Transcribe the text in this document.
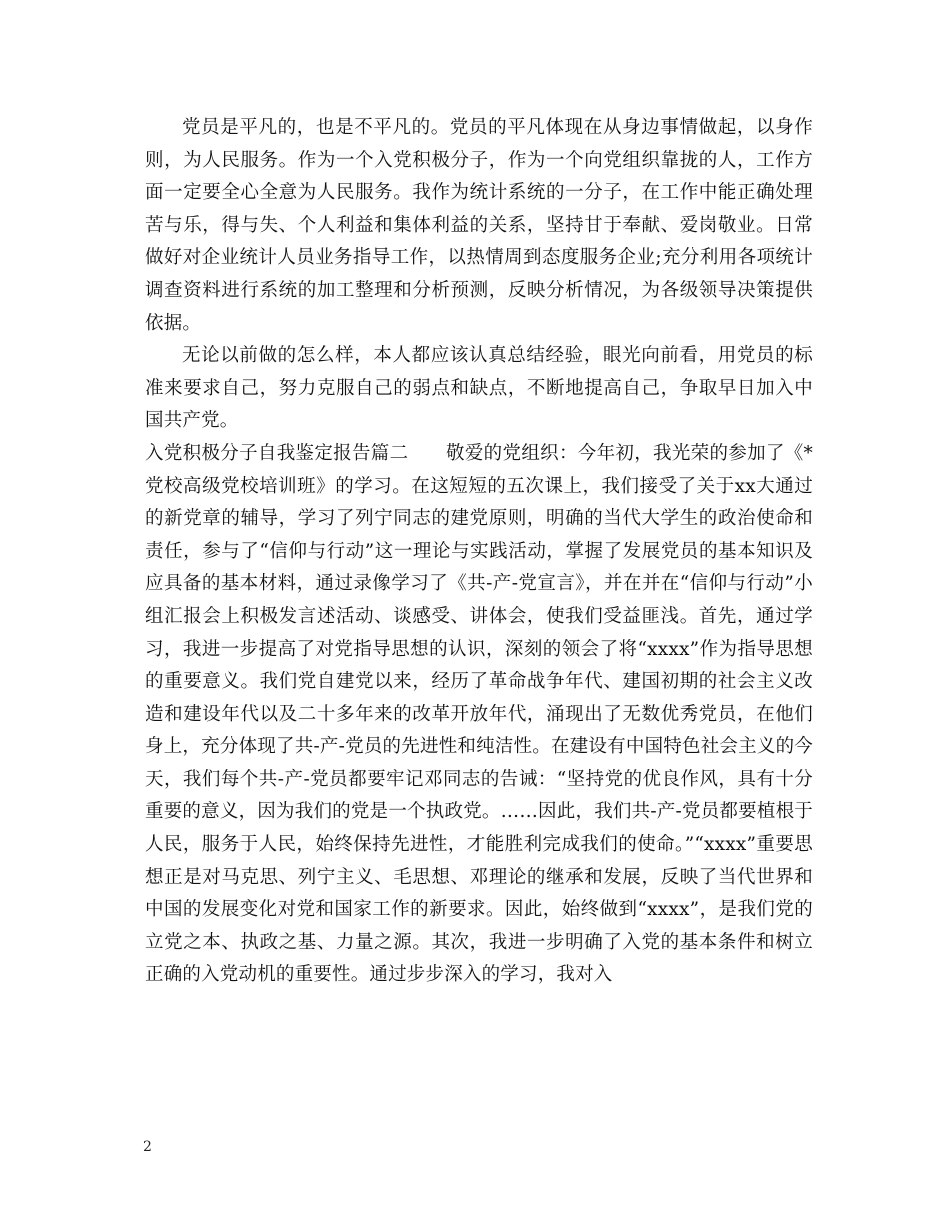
党员是平凡的，也是不平凡的。党员的平凡体现在从身边事情做起，以身作则，为人民服务。作为一个入党积极分子，作为一个向党组织靠拢的人，工作方面一定要全心全意为人民服务。我作为统计系统的一分子，在工作中能正确处理苦与乐，得与失、个人利益和集体利益的关系，坚持甘于奉献、爱岗敬业。日常做好对企业统计人员业务指导工作，以热情周到态度服务企业;充分利用各项统计调查资料进行系统的加工整理和分析预测，反映分析情况，为各级领导决策提供依据。

无论以前做的怎么样，本人都应该认真总结经验，眼光向前看，用党员的标准来要求自己，努力克服自己的弱点和缺点，不断地提高自己，争取早日加入中国共产党。

入党积极分子自我鉴定报告篇二　　敬爱的党组织：今年初，我光荣的参加了《*党校高级党校培训班》的学习。在这短短的五次课上，我们接受了关于xx大通过的新党章的辅导，学习了列宁同志的建党原则，明确的当代大学生的政治使命和责任，参与了“信仰与行动”这一理论与实践活动，掌握了发展党员的基本知识及应具备的基本材料，通过录像学习了《共-产-党宣言》，并在并在“信仰与行动”小组汇报会上积极发言述活动、谈感受、讲体会，使我们受益匪浅。首先，通过学习，我进一步提高了对党指导思想的认识，深刻的领会了将“xxxx”作为指导思想的重要意义。我们党自建党以来，经历了革命战争年代、建国初期的社会主义改造和建设年代以及二十多年来的改革开放年代，涌现出了无数优秀党员，在他们身上，充分体现了共-产-党员的先进性和纯洁性。在建设有中国特色社会主义的今天，我们每个共-产-党员都要牢记邓同志的告诫：“坚持党的优良作风，具有十分重要的意义，因为我们的党是一个执政党。……因此，我们共-产-党员都要植根于人民，服务于人民，始终保持先进性，才能胜利完成我们的使命。”“xxxx”重要思想正是对马克思、列宁主义、毛思想、邓理论的继承和发展，反映了当代世界和中国的发展变化对党和国家工作的新要求。因此，始终做到“xxxx”，是我们党的立党之本、执政之基、力量之源。其次，我进一步明确了入党的基本条件和树立正确的入党动机的重要性。通过步步深入的学习，我对入

2
